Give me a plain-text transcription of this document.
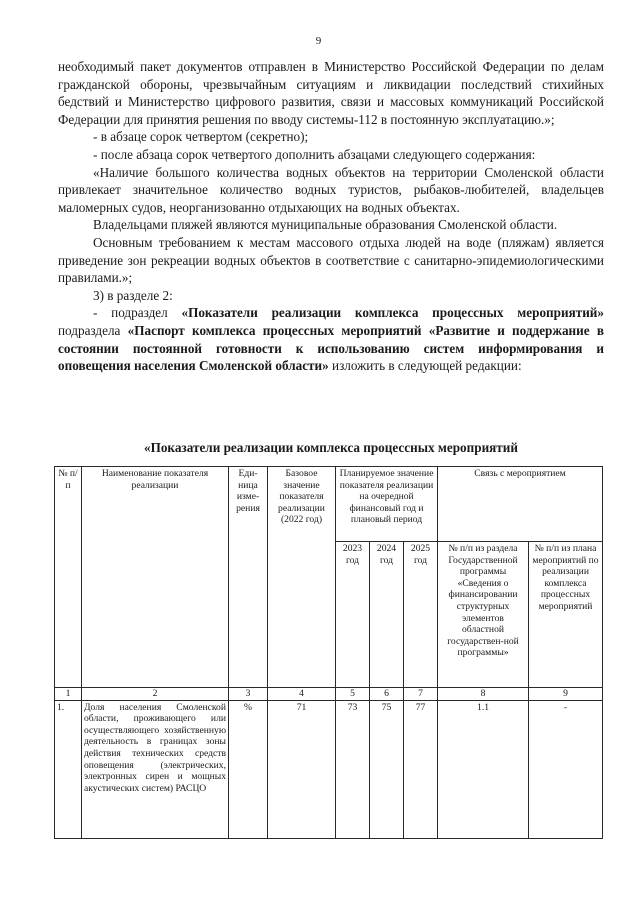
9

необходимый пакет документов отправлен в Министерство Российской Федерации по делам гражданской обороны, чрезвычайным ситуациям и ликвидации последствий стихийных бедствий и Министерство цифрового развития, связи и массовых коммуникаций Российской Федерации для принятия решения по вводу системы-112 в постоянную эксплуатацию.»;

- в абзаце сорок четвертом (секретно);

- после абзаца сорок четвертого дополнить абзацами следующего содержания:

«Наличие большого количества водных объектов на территории Смоленской области привлекает значительное количество водных туристов, рыбаков-любителей, владельцев маломерных судов, неорганизованно отдыхающих на водных объектах.

Владельцами пляжей являются муниципальные образования Смоленской области.

Основным требованием к местам массового отдыха людей на воде (пляжам) является приведение зон рекреации водных объектов в соответствие с санитарно-эпидемиологическими правилами.»;

3) в разделе 2:

- подраздел «Показатели реализации комплекса процессных мероприятий» подраздела «Паспорт комплекса процессных мероприятий «Развитие и поддержание в состоянии постоянной готовности к использованию систем информирования и оповещения населения Смоленской области» изложить в следующей редакции:

«Показатели реализации комплекса процессных мероприятий
№ п/п	Наименование показателя реализации	Еди-ница изме-рения	Базовое значение показателя реализации (2022 год)	Планируемое значение показателя реализации на очередной финансовый год и плановый период			Связь с мероприятием	
				2023 год	2024 год	2025 год	№ п/п из раздела Государственной программы «Сведения о финансировании структурных элементов областной государствен-ной программы»	№ п/п из плана мероприятий по реализации комплекса процессных мероприятий
1	2	3	4	5	6	7	8	9
1.	Доля населения Смоленской области, проживающего или осуществляющего хозяйственную деятельность в границах зоны действия технических средств оповещения (электрических, электронных сирен и мощных акустических систем) РАСЦО	%	71	73	75	77	1.1	-
